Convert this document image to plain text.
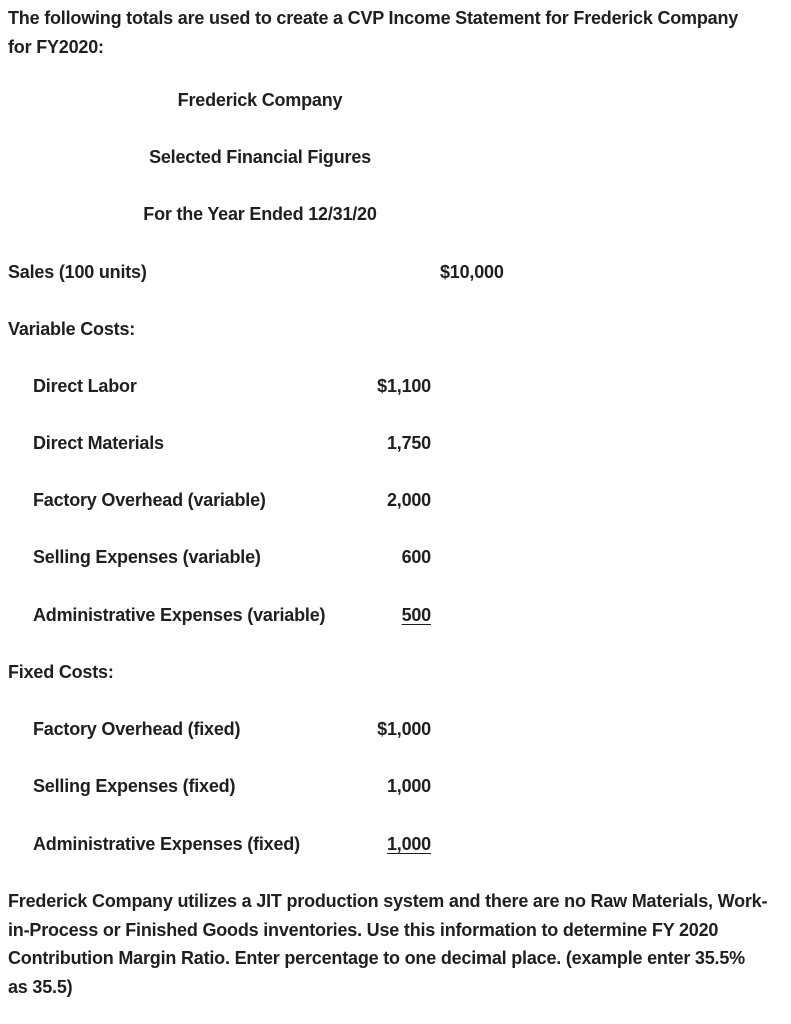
The following totals are used to create a CVP Income Statement for Frederick Company for FY2020:
Frederick Company
Selected Financial Figures
For the Year Ended 12/31/20
Sales (100 units)	$10,000
Variable Costs:
Direct Labor	$1,100
Direct Materials	1,750
Factory Overhead (variable)	2,000
Selling Expenses (variable)	600
Administrative Expenses (variable)	500
Fixed Costs:
Factory Overhead (fixed)	$1,000
Selling Expenses (fixed)	1,000
Administrative Expenses (fixed)	1,000
Frederick Company utilizes a JIT production system and there are no Raw Materials, Work-in-Process or Finished Goods inventories. Use this information to determine FY 2020 Contribution Margin Ratio. Enter percentage to one decimal place. (example enter 35.5% as 35.5)
